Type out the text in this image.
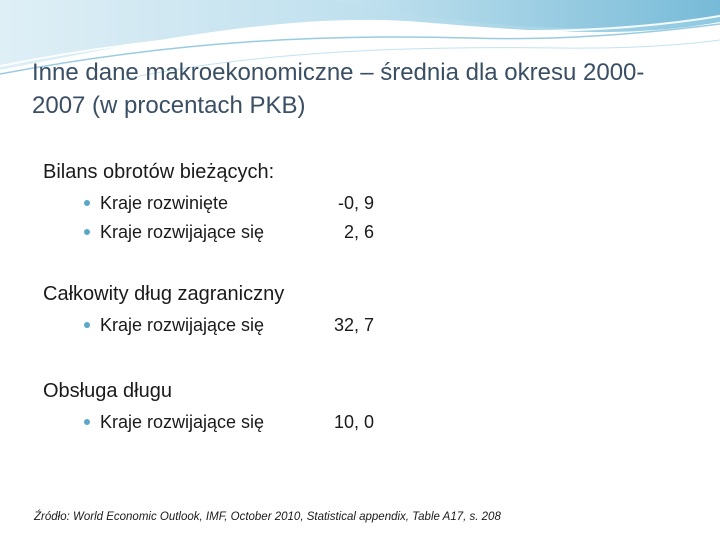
Inne dane makroekonomiczne – średnia dla okresu 2000-2007 (w procentach PKB)
Bilans obrotów bieżących:
Kraje rozwinięte	-0, 9
Kraje rozwijające się	2, 6
Całkowity dług zagraniczny
Kraje rozwijające się	32, 7
Obsługa długu
Kraje rozwijające się	10, 0
Źródło: World Economic Outlook, IMF, October 2010, Statistical appendix, Table A17, s. 208
